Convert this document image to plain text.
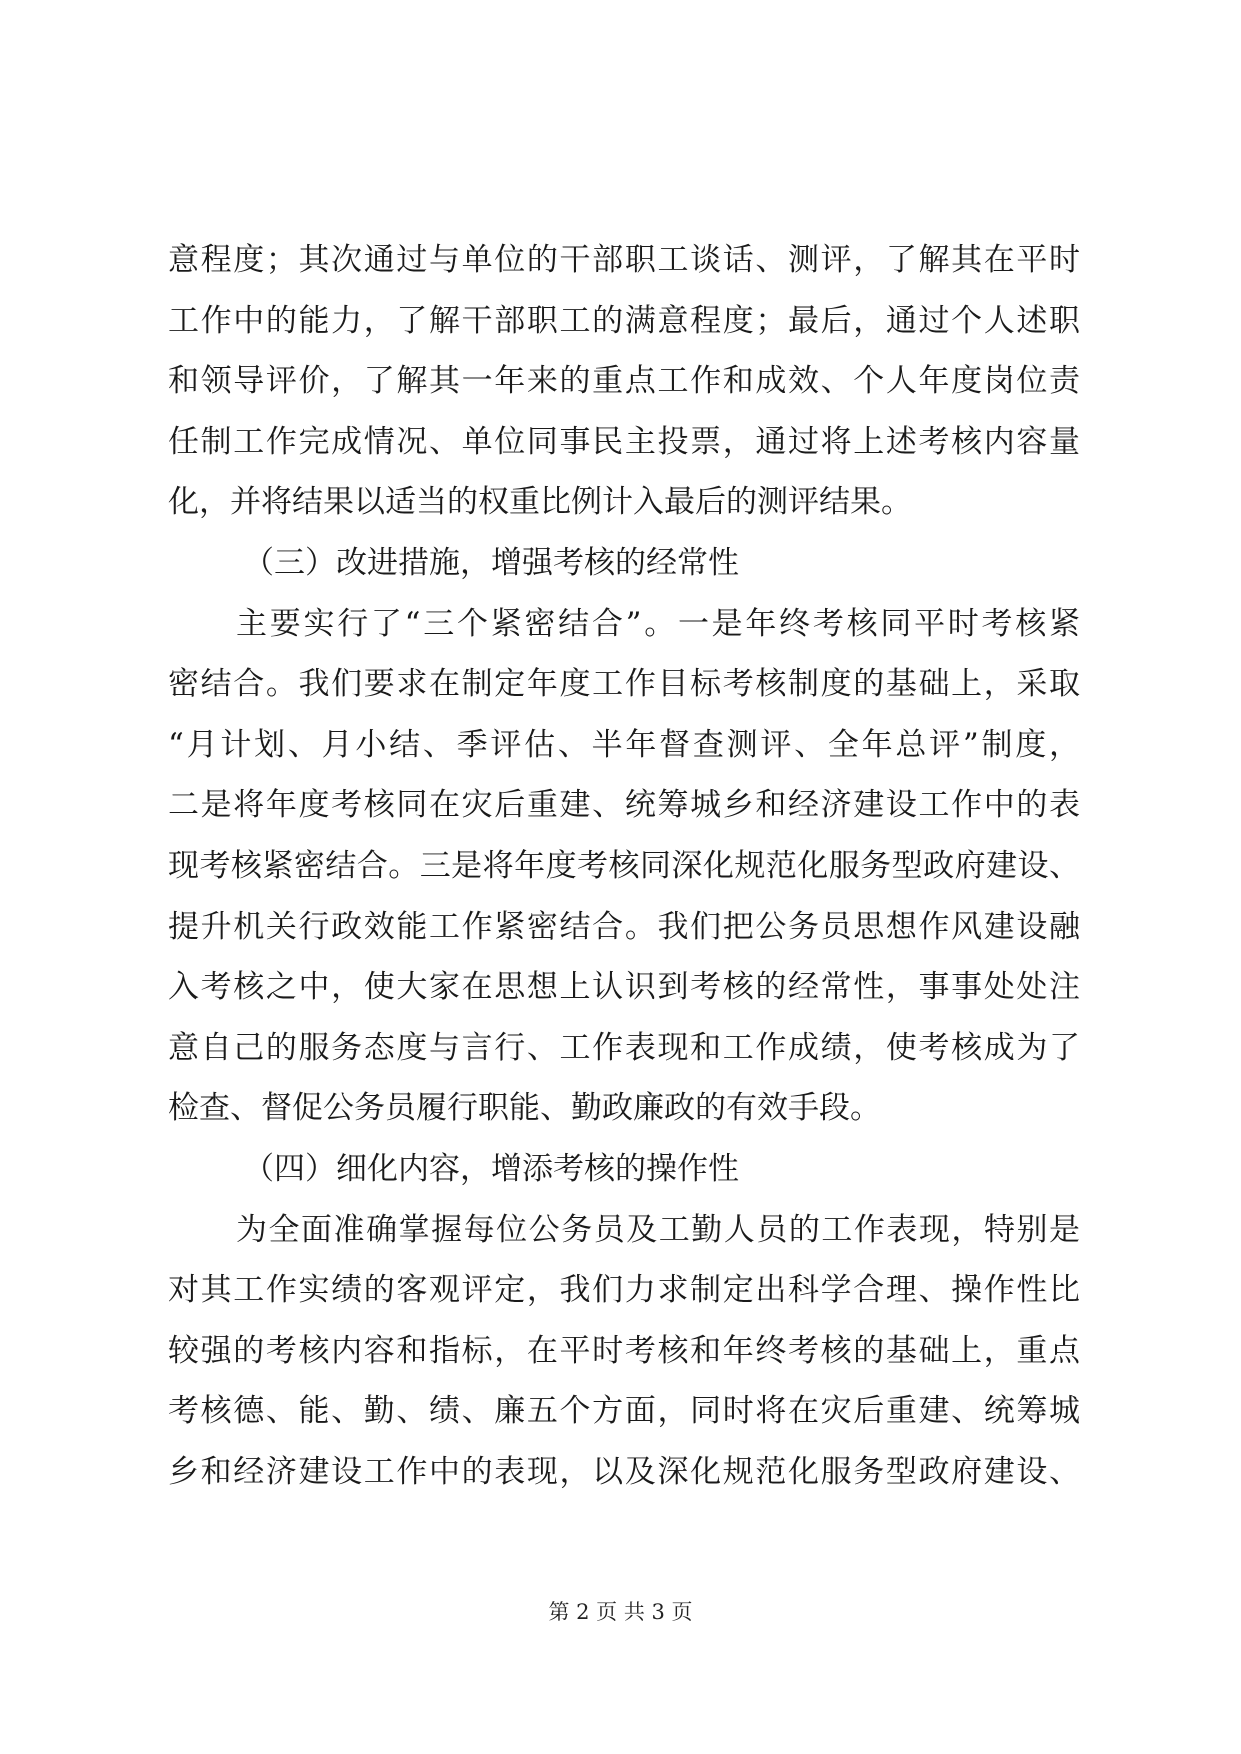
意程度；其次通过与单位的干部职工谈话、测评，了解其在平时
工作中的能力，了解干部职工的满意程度；最后，通过个人述职
和领导评价，了解其一年来的重点工作和成效、个人年度岗位责
任制工作完成情况、单位同事民主投票，通过将上述考核内容量
化，并将结果以适当的权重比例计入最后的测评结果。
（三）改进措施，增强考核的经常性
主要实行了“三个紧密结合”。一是年终考核同平时考核紧
密结合。我们要求在制定年度工作目标考核制度的基础上，采取
“月计划、月小结、季评估、半年督查测评、全年总评”制度，
二是将年度考核同在灾后重建、统筹城乡和经济建设工作中的表
现考核紧密结合。三是将年度考核同深化规范化服务型政府建设、
提升机关行政效能工作紧密结合。我们把公务员思想作风建设融
入考核之中，使大家在思想上认识到考核的经常性，事事处处注
意自己的服务态度与言行、工作表现和工作成绩，使考核成为了
检查、督促公务员履行职能、勤政廉政的有效手段。
（四）细化内容，增添考核的操作性
为全面准确掌握每位公务员及工勤人员的工作表现，特别是
对其工作实绩的客观评定，我们力求制定出科学合理、操作性比
较强的考核内容和指标，在平时考核和年终考核的基础上，重点
考核德、能、勤、绩、廉五个方面，同时将在灾后重建、统筹城
乡和经济建设工作中的表现，以及深化规范化服务型政府建设、
第 2 页 共 3 页
